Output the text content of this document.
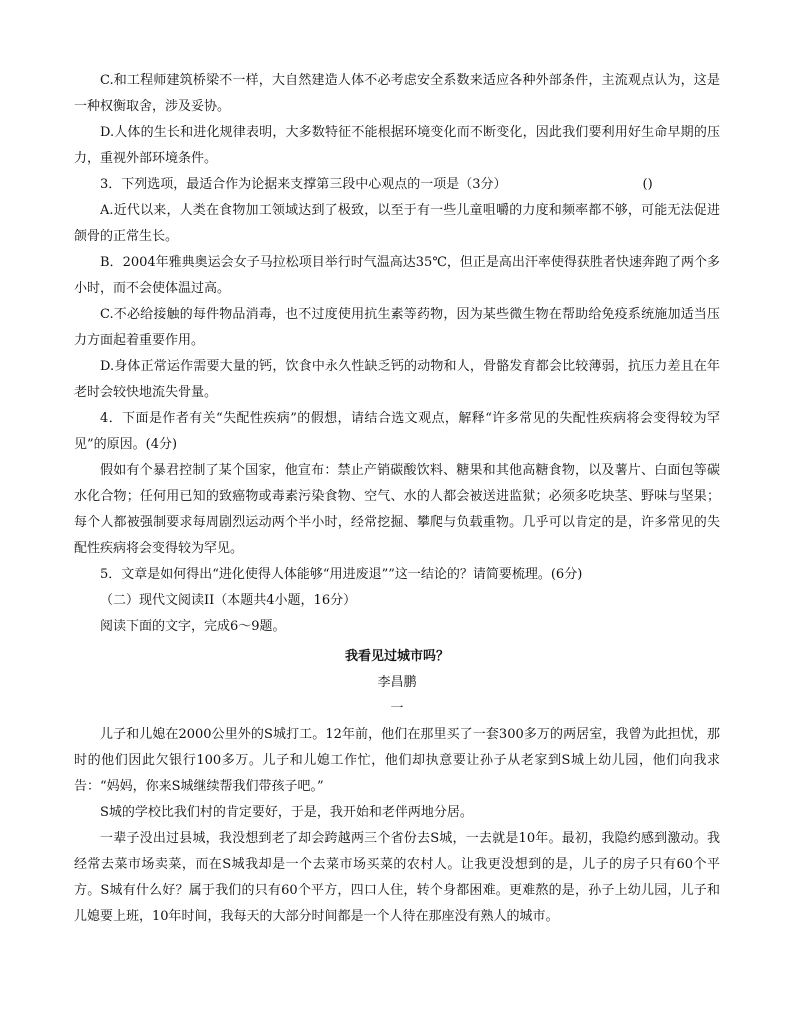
C.和工程师建筑桥梁不一样，大自然建造人体不必考虑安全系数来适应各种外部条件，主流观点认为，这是一种权衡取舍，涉及妥协。

D.人体的生长和进化规律表明，大多数特征不能根据环境变化而不断变化，因此我们要利用好生命早期的压力，重视外部环境条件。

3．下列选项，最适合作为论据来支撑第三段中心观点的一项是（3分）	()

A.近代以来，人类在食物加工领域达到了极致，以至于有一些儿童咀嚼的力度和频率都不够，可能无法促进颌骨的正常生长。

B．2004年雅典奥运会女子马拉松项目举行时气温高达35℃，但正是高出汗率使得获胜者快速奔跑了两个多小时，而不会使体温过高。

C.不必给接触的每件物品消毒，也不过度使用抗生素等药物，因为某些微生物在帮助给免疫系统施加适当压力方面起着重要作用。

D.身体正常运作需要大量的钙，饮食中永久性缺乏钙的动物和人，骨骼发育都会比较薄弱，抗压力差且在年老时会较快地流失骨量。

4．下面是作者有关“失配性疾病”的假想，请结合选文观点，解释“许多常见的失配性疾病将会变得较为罕见”的原因。(4分)

假如有个暴君控制了某个国家，他宣布：禁止产销碳酸饮料、糖果和其他高糖食物，以及薯片、白面包等碳水化合物；任何用已知的致癌物或毒素污染食物、空气、水的人都会被送进监狱；必须多吃块茎、野味与坚果；每个人都被强制要求每周剧烈运动两个半小时，经常挖掘、攀爬与负载重物。几乎可以肯定的是，许多常见的失配性疾病将会变得较为罕见。

5．文章是如何得出“进化使得人体能够“用进废退””这一结论的？请简要梳理。(6分)

（二）现代文阅读II（本题共4小题，16分）

阅读下面的文字，完成6～9题。

我看见过城市吗？

李昌鹏

一

儿子和儿媳在2000公里外的S城打工。12年前，他们在那里买了一套300多万的两居室，我曾为此担忧，那时的他们因此欠银行100多万。儿子和儿媳工作忙，他们却执意要让孙子从老家到S城上幼儿园，他们向我求告：“妈妈，你来S城继续帮我们带孩子吧。”

S城的学校比我们村的肯定要好，于是，我开始和老伴两地分居。

一辈子没出过县城，我没想到老了却会跨越两三个省份去S城，一去就是10年。最初，我隐约感到激动。我经常去菜市场卖菜，而在S城我却是一个去菜市场买菜的农村人。让我更没想到的是，儿子的房子只有60个平方。S城有什么好？属于我们的只有60个平方，四口人住，转个身都困难。更难熬的是，孙子上幼儿园，儿子和儿媳要上班，10年时间，我每天的大部分时间都是一个人待在那座没有熟人的城市。
